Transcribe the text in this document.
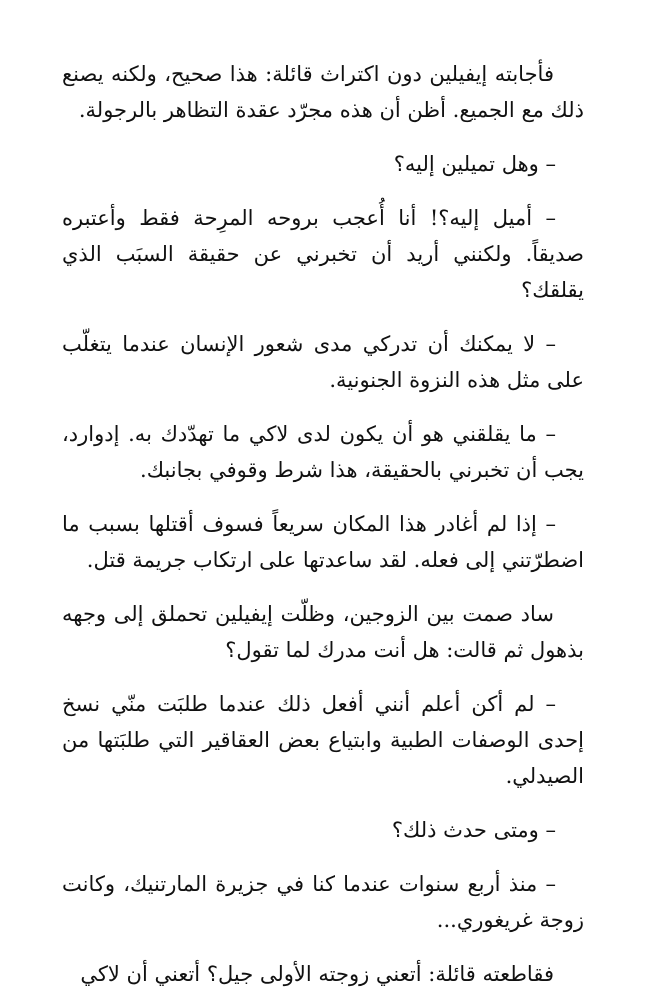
فأجابته إيفيلين دون اكتراث قائلة: هذا صحيح، ولكنه يصنع ذلك مع الجميع. أظن أن هذه مجرّد عقدة التظاهر بالرجولة.

– وهل تميلين إليه؟

– أميل إليه؟! أنا أُعجب بروحه المرِحة فقط وأعتبره صديقاً. ولكنني أريد أن تخبرني عن حقيقة السبَب الذي يقلقك؟

– لا يمكنك أن تدركي مدى شعور الإنسان عندما يتغلّب على مثل هذه النزوة الجنونية.

– ما يقلقني هو أن يكون لدى لاكي ما تهدّدك به. إدوارد، يجب أن تخبرني بالحقيقة، هذا شرط وقوفي بجانبك.

– إذا لم أغادر هذا المكان سريعاً فسوف أقتلها بسبب ما اضطرّتني إلى فعله. لقد ساعدتها على ارتكاب جريمة قتل.

ساد صمت بين الزوجين، وظلّت إيفيلين تحملق إلى وجهه بذهول ثم قالت: هل أنت مدرك لما تقول؟

– لم أكن أعلم أنني أفعل ذلك عندما طلبَت منّي نسخ إحدى الوصفات الطبية وابتياع بعض العقاقير التي طلبَتها من الصيدلي.

– ومتى حدث ذلك؟

– منذ أربع سنوات عندما كنا في جزيرة المارتنيك، وكانت زوجة غريغوري...

فقاطعته قائلة: أتعني زوجته الأولى جيل؟ أتعني أن لاكي
